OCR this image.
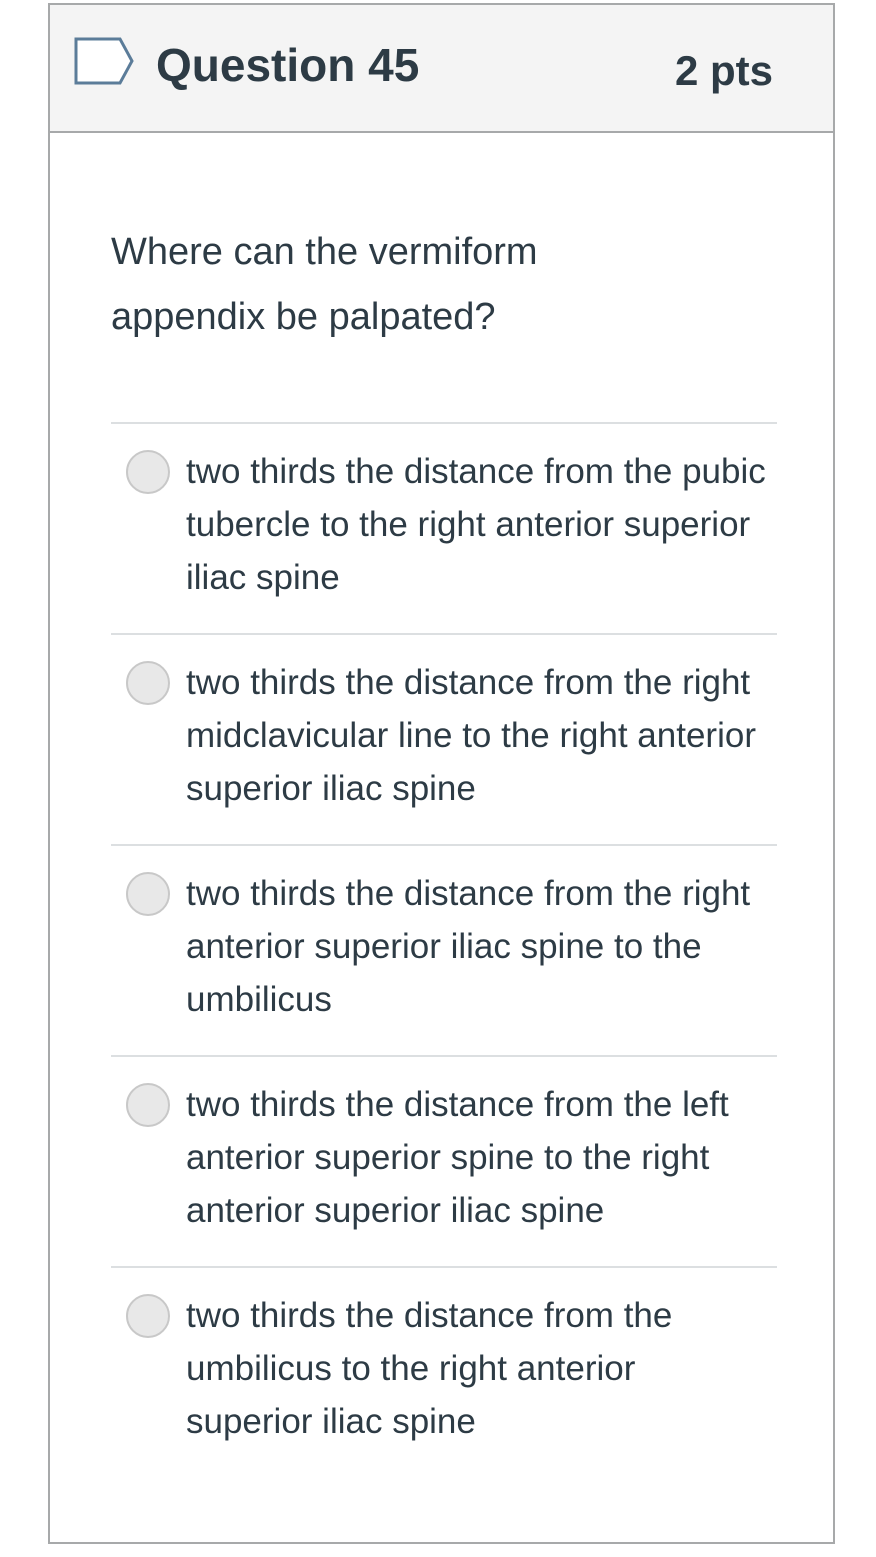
Question 45	2 pts
Where can the vermiform appendix be palpated?
two thirds the distance from the pubic tubercle to the right anterior superior iliac spine
two thirds the distance from the right midclavicular line to the right anterior superior iliac spine
two thirds the distance from the right anterior superior iliac spine to the umbilicus
two thirds the distance from the left anterior superior spine to the right anterior superior iliac spine
two thirds the distance from the umbilicus to the right anterior superior iliac spine
